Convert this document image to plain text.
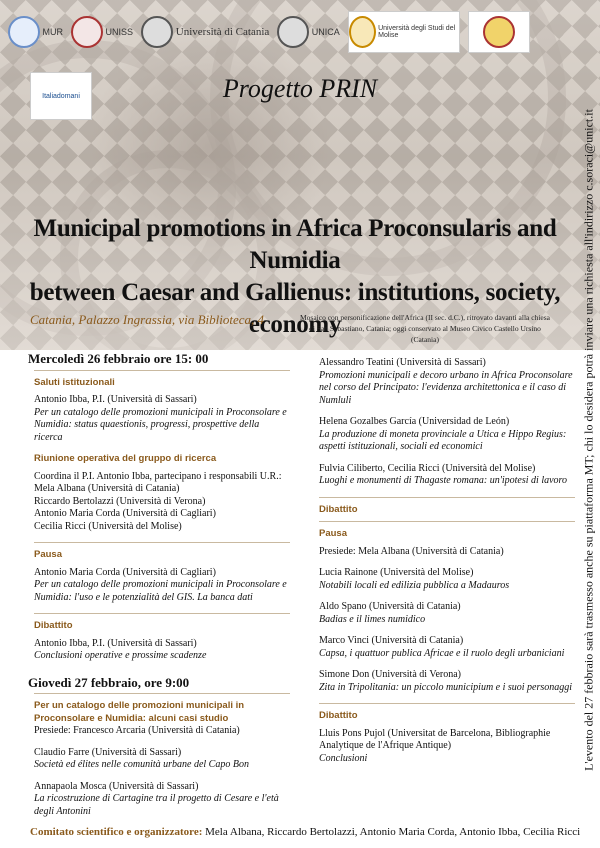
MUR
	UNISS
	Università di Catania
	UNICA
	Università degli Studi del Molise
Italiadomani	Progetto PRIN
Municipal promotions in Africa Proconsularis and Numidia
between Caesar and Gallienus: institutions, society, economy
Catania, Palazzo Ingrassia, via Biblioteca, 4	Mosaico con personificazione dell'Africa (II sec. d.C.), ritrovato davanti alla chiesa di San Sebastiano, Catania; oggi conservato al Museo Civico Castello Ursino (Catania)	L'evento del 27 febbraio sarà trasmesso anche su piattaforma MT; chi lo desidera potrà inviare una richiesta all'indirizzo c.soraci@unict.it
Mercoledì 26 febbraio ore 15: 00
Saluti istituzionali
Antonio Ibba, P.I. (Università di Sassari)
Per un catalogo delle promozioni municipali in Proconsolare e Numidia: status quaestionis, progressi, prospettive della ricerca
Riunione operativa del gruppo di ricerca
Coordina il P.I. Antonio Ibba, partecipano i responsabili U.R.:
Mela Albana (Università di Catania)
Riccardo Bertolazzi (Università di Verona)
Antonio Maria Corda (Università di Cagliari)
Cecilia Ricci (Università del Molise)
Pausa
Antonio Maria Corda (Università di Cagliari)
Per un catalogo delle promozioni municipali in Proconsolare e Numidia: l'uso e le potenzialità del GIS. La banca dati
Dibattito
Antonio Ibba, P.I. (Università di Sassari)
Conclusioni operative e prossime scadenze
Giovedì 27 febbraio, ore 9:00
Per un catalogo delle promozioni municipali in Proconsolare e Numidia: alcuni casi studio
Presiede: Francesco Arcaria (Università di Catania)
Claudio Farre (Università di Sassari)
Società ed élites nelle comunità urbane del Capo Bon
Annapaola Mosca (Università di Sassari)
La ricostruzione di Cartagine tra il progetto di Cesare e l'età degli Antonini
Alessandro Teatini (Università di Sassari)
Promozioni municipali e decoro urbano in Africa Proconsolare nel corso del Principato: l'evidenza architettonica e il caso di Numluli
Helena Gozalbes García (Universidad de León)
La produzione di moneta provinciale a Utica e Hippo Regius: aspetti istituzionali, sociali ed economici
Fulvia Ciliberto, Cecilia Ricci (Università del Molise)
Luoghi e monumenti di Thagaste romana: un'ipotesi di lavoro
Dibattito
Pausa
Presiede: Mela Albana (Università di Catania)
Lucia Rainone (Università del Molise)
Notabili locali ed edilizia pubblica a Madauros
Aldo Spano (Università di Catania)
Badias e il limes numidico
Marco Vinci (Università di Catania)
Capsa, i quattuor publica Africae e il ruolo degli urbaniciani
Simone Don (Università di Verona)
Zita in Tripolitania: un piccolo municipium e i suoi personaggi
Dibattito
Lluis Pons Pujol (Universitat de Barcelona, Bibliographie Analytique de l'Afrique Antique)
Conclusioni
Comitato scientifico e organizzatore: Mela Albana, Riccardo Bertolazzi, Antonio Maria Corda, Antonio Ibba, Cecilia Ricci
